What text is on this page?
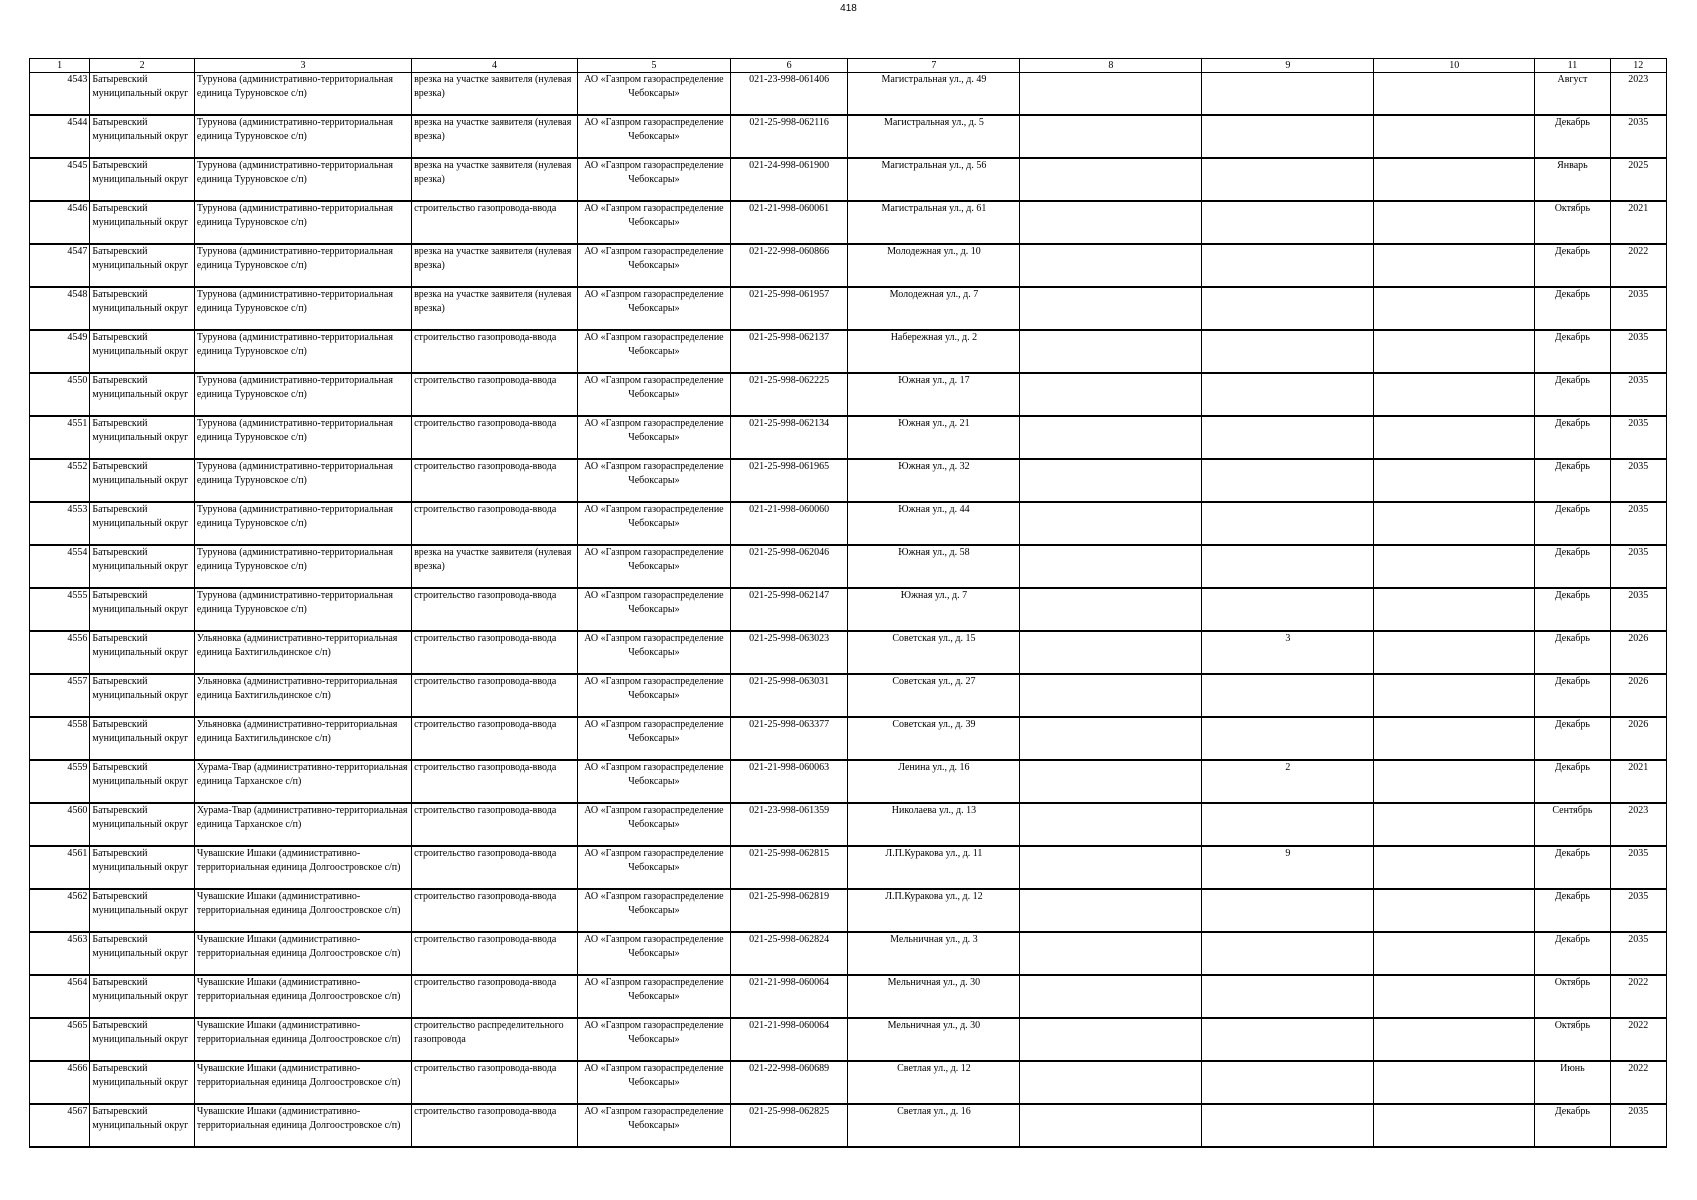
418
1	2	3	4	5	6	7	8	9	10	11	12

4543	Батыревский муниципальный округ	Турунова (административно-территориальная единица Туруновское с/п)	врезка на участке заявителя (нулевая врезка)	АО «Газпром газораспределение Чебоксары»	021-23-998-061406	Магистральная ул., д. 49				Август	2023

4544	Батыревский муниципальный округ	Турунова (административно-территориальная единица Туруновское с/п)	врезка на участке заявителя (нулевая врезка)	АО «Газпром газораспределение Чебоксары»	021-25-998-062116	Магистральная ул., д. 5				Декабрь	2035

4545	Батыревский муниципальный округ	Турунова (административно-территориальная единица Туруновское с/п)	врезка на участке заявителя (нулевая врезка)	АО «Газпром газораспределение Чебоксары»	021-24-998-061900	Магистральная ул., д. 56				Январь	2025

4546	Батыревский муниципальный округ	Турунова (административно-территориальная единица Туруновское с/п)	строительство газопровода-ввода	АО «Газпром газораспределение Чебоксары»	021-21-998-060061	Магистральная ул., д. 61				Октябрь	2021

4547	Батыревский муниципальный округ	Турунова (административно-территориальная единица Туруновское с/п)	врезка на участке заявителя (нулевая врезка)	АО «Газпром газораспределение Чебоксары»	021-22-998-060866	Молодежная ул., д. 10				Декабрь	2022

4548	Батыревский муниципальный округ	Турунова (административно-территориальная единица Туруновское с/п)	врезка на участке заявителя (нулевая врезка)	АО «Газпром газораспределение Чебоксары»	021-25-998-061957	Молодежная ул., д. 7				Декабрь	2035

4549	Батыревский муниципальный округ	Турунова (административно-территориальная единица Туруновское с/п)	строительство газопровода-ввода	АО «Газпром газораспределение Чебоксары»	021-25-998-062137	Набережная ул., д. 2				Декабрь	2035

4550	Батыревский муниципальный округ	Турунова (административно-территориальная единица Туруновское с/п)	строительство газопровода-ввода	АО «Газпром газораспределение Чебоксары»	021-25-998-062225	Южная ул., д. 17				Декабрь	2035

4551	Батыревский муниципальный округ	Турунова (административно-территориальная единица Туруновское с/п)	строительство газопровода-ввода	АО «Газпром газораспределение Чебоксары»	021-25-998-062134	Южная ул., д. 21				Декабрь	2035

4552	Батыревский муниципальный округ	Турунова (административно-территориальная единица Туруновское с/п)	строительство газопровода-ввода	АО «Газпром газораспределение Чебоксары»	021-25-998-061965	Южная ул., д. 32				Декабрь	2035

4553	Батыревский муниципальный округ	Турунова (административно-территориальная единица Туруновское с/п)	строительство газопровода-ввода	АО «Газпром газораспределение Чебоксары»	021-21-998-060060	Южная ул., д. 44				Декабрь	2035

4554	Батыревский муниципальный округ	Турунова (административно-территориальная единица Туруновское с/п)	врезка на участке заявителя (нулевая врезка)	АО «Газпром газораспределение Чебоксары»	021-25-998-062046	Южная ул., д. 58				Декабрь	2035

4555	Батыревский муниципальный округ	Турунова (административно-территориальная единица Туруновское с/п)	строительство газопровода-ввода	АО «Газпром газораспределение Чебоксары»	021-25-998-062147	Южная ул., д. 7				Декабрь	2035

4556	Батыревский муниципальный округ	Ульяновка (административно-территориальная единица Бахтигильдинское с/п)	строительство газопровода-ввода	АО «Газпром газораспределение Чебоксары»	021-25-998-063023	Советская ул., д. 15		3		Декабрь	2026

4557	Батыревский муниципальный округ	Ульяновка (административно-территориальная единица Бахтигильдинское с/п)	строительство газопровода-ввода	АО «Газпром газораспределение Чебоксары»	021-25-998-063031	Советская ул., д. 27				Декабрь	2026

4558	Батыревский муниципальный округ	Ульяновка (административно-территориальная единица Бахтигильдинское с/п)	строительство газопровода-ввода	АО «Газпром газораспределение Чебоксары»	021-25-998-063377	Советская ул., д. 39				Декабрь	2026

4559	Батыревский муниципальный округ	Хурама-Твар (административно-территориальная единица Тарханское с/п)	строительство газопровода-ввода	АО «Газпром газораспределение Чебоксары»	021-21-998-060063	Ленина ул., д. 16		2		Декабрь	2021

4560	Батыревский муниципальный округ	Хурама-Твар (административно-территориальная единица Тарханское с/п)	строительство газопровода-ввода	АО «Газпром газораспределение Чебоксары»	021-23-998-061359	Николаева ул., д. 13				Сентябрь	2023

4561	Батыревский муниципальный округ	Чувашские Ишаки (административно-территориальная единица Долгоостровское с/п)	строительство газопровода-ввода	АО «Газпром газораспределение Чебоксары»	021-25-998-062815	Л.П.Куракова ул., д. 11		9		Декабрь	2035

4562	Батыревский муниципальный округ	Чувашские Ишаки (административно-территориальная единица Долгоостровское с/п)	строительство газопровода-ввода	АО «Газпром газораспределение Чебоксары»	021-25-998-062819	Л.П.Куракова ул., д. 12				Декабрь	2035

4563	Батыревский муниципальный округ	Чувашские Ишаки (административно-территориальная единица Долгоостровское с/п)	строительство газопровода-ввода	АО «Газпром газораспределение Чебоксары»	021-25-998-062824	Мельничная ул., д. 3				Декабрь	2035

4564	Батыревский муниципальный округ	Чувашские Ишаки (административно-территориальная единица Долгоостровское с/п)	строительство газопровода-ввода	АО «Газпром газораспределение Чебоксары»	021-21-998-060064	Мельничная ул., д. 30				Октябрь	2022

4565	Батыревский муниципальный округ	Чувашские Ишаки (административно-территориальная единица Долгоостровское с/п)	строительство распределительного газопровода	АО «Газпром газораспределение Чебоксары»	021-21-998-060064	Мельничная ул., д. 30				Октябрь	2022

4566	Батыревский муниципальный округ	Чувашские Ишаки (административно-территориальная единица Долгоостровское с/п)	строительство газопровода-ввода	АО «Газпром газораспределение Чебоксары»	021-22-998-060689	Светлая ул., д. 12				Июнь	2022

4567	Батыревский муниципальный округ	Чувашские Ишаки (административно-территориальная единица Долгоостровское с/п)	строительство газопровода-ввода	АО «Газпром газораспределение Чебоксары»	021-25-998-062825	Светлая ул., д. 16				Декабрь	2035
